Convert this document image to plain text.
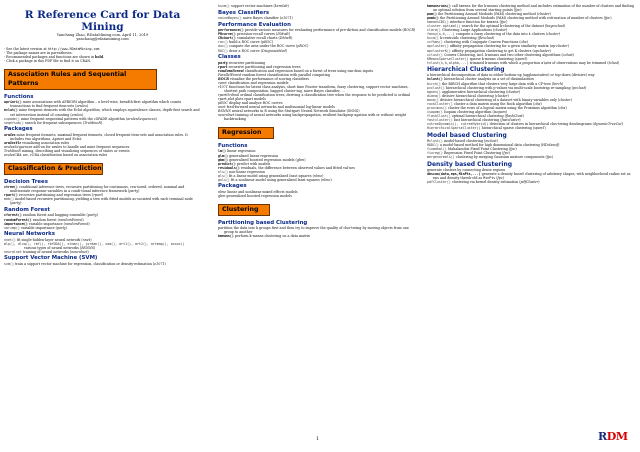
R Reference Card for Data Mining
Yanchang Zhao, RDataMining.com, April 11, 2019
yanchang@rdatamining.com
- See the latest version at http://www.RDataMining.com
- The package names are in parentheses.
- Recommended packages and functions are shown in bold.
- Click a package in this PDF file to find it on CRAN.
Association Rules and Sequential Patterns
Functions
apriori() mine associations with APRIORI algorithm – a level-wise, breadth-first algorithm which counts transactions to find frequent item-sets (arules)
eclat() mine frequent itemsets with the Eclat algorithm, which employs equivalence classes, depth-first search and set intersection instead of counting (arules)
cspade() mine frequent sequential patterns with the cSPADE algorithm (arulesSequences)
seqefsub() search for frequent subsequences (TraMineR)
Packages
arules mine frequent itemsets, maximal frequent itemsets, closed frequent item-sets and association rules. It includes two algorithms, Apriori and Eclat.
arulesViz visualizing association rules
arulesSequences add-on for arules to handle and mine frequent sequences
TraMineR mining, describing and visualizing sequences of states or events
arulesCBA arc, rCBA classification based on association rules
Classification & Prediction
Decision Trees
ctree() conditional inference trees, recursive partitioning for continuous, cen-sored, ordered, nominal and multivariate response variables in a condi-tional inference framework (party)
rpart() recursive partitioning and regression trees (rpart)
mob() model-based recursive partitioning, yielding a tree with fitted models as-sociated with each terminal node (party)
Random Forest
cforest() random forest and bagging ensemble (party)
randomForest() random forest (randomForest)
importance() variable importance (randomForest)
varimp() variable importance (party)
Neural Networks
nnet() fit single-hidden-layer neural network (nnet)
mlp(), dlvq(), rbf(), rbfDDA(), elman(), jordan(), som(), art1(), art2(), artmap(), assoc()
various types of neural networks (RSNNS)
neuralnet training of neural networks (neuralnet)
Support Vector Machine (SVM)
svm() train a support vector machine for regression, classification or density-estimation (e1071)
ksvm() support vector machines (kernlab)
Bayes Classifiers
naiveBayes() naive Bayes classifier (e1071)
Performance Evaluation
performance() provide various measures for evaluating performance of pre-diction and classification models (ROCR)
PRcurve() precision-recall curves (DMwR)
CRchart() cumulative recall charts (DMwR)
roc() build a ROC curve (pROC)
auc() compute the area under the ROC curve (pROC)
ROC() draw a ROC curve (DiagnosisMed)
Classes
party recursive partitioning
rpart recursive partitioning and regression trees
randomForest classification and regression based on a forest of trees using ran-dom inputs
ParallelForest random forest classification with parallel computing
ROCR visualize the performance of scoring classifiers
caret classification and regression models
r1071 functions for latent class analysis, short time Fourier transform, fuzzy clustering, support vector machines, shortest path computation, bagged cluster-ing, naive Bayes classifier, ...
rpartOrdinal ordinal classification trees, deriving a classification tree when the response to be predicted is ordinal
rpart.plot plots rpart models
pROC display and analyze ROC curves
nnet feed-forward neural networks and multinomial log-linear models
RSNNS neural networks in R using the Stuttgart Neural Network Simulator (SNNS)
neuralnet training of neural networks using backpropagation, resilient backprop-agation with or without weight backtracking
Regression
Functions
lm() linear regression
glm() generalized linear regression
gbm() generalized boosted regression models (gbm)
predict() predict with models
residuals() residuals, the difference between observed values and fitted val-ues
nls() non-linear regression
gls() fit a linear model using generalized least squares (nlme)
gnls() fit a nonlinear model using generalized least squares (nlme)
Packages
nlme linear and nonlinear mixed effects models
gbm generalized boosted regression models
Clustering
Partitioning based Clustering
partition the data into k groups first and then try to improve the quality of clus-tering by moving objects from one group to another
kmeans() perform k-means clustering on a data matrix
kmeansruns() call kmeans for the k-means clustering method and includes estimation of the number of clusters and finding an optimal solution from several starting points (fpc)
pam() the Partitioning Around Medoids (PAM) clustering method (cluster)
pamk() the Partitioning Around Medoids (PAM) clustering method with esti-mation of number of clusters (fpc)
kmeansCBI() interface function for kmeans (fpc)
cluster.optimal() search for the optimal k-clustering of the dataset (bayesclust)
clara() Clustering Large Applications (cluster)
fanny(x,k,...) compute a fuzzy clustering of the data into k clusters (cluster)
kcca() k-centroids clustering (flexclust)
ccfkms() clustering with Conjugate Convex Functions (cba)
apcluster() affinity propagation clustering for a given similarity matrix (ap-cluster)
apclusterK() affinity propagation clustering to get K clusters (apcluster)
cclust() Convex Clustering, incl. k-means and two other clustering algorithms (cclust)
KMeansSparseCluster() sparse k-means clustering (sparcl)
tclust(x,k,alpha,...) trimmed k-means with which a proportion alpha of observations may be trimmed (tclust)
Hierarchical Clustering
a hierarchical decomposition of data in either bottom-up (agglomerative) or top-down (divisive) way
hclust() hierarchical cluster analysis on a set of dissimilarities
birch() the BIRCH algorithm that clusters very large data with a CF-tree (birch)
pvclust() hierarchical clustering with p-values via multi-scale bootstrap re-sampling (pvclust)
agnes() agglomerative hierarchical clustering (cluster)
diana() divisive hierarchical clustering (cluster)
mona() divisive hierarchical clustering of a dataset with binary variables only (cluster)
rockCluster() cluster a data matrix using the Rock algorithm (cba)
proximus() cluster the rows of a logical matrix using the Proximus algorithm (cba)
isopam() Isopam clustering algorithm (isopam)
flashClust() optimal hierarchical clustering (flashClust)
fastcluster() fast hierarchical clustering (fastcluster)
cutreeDynamic(), cutreeHybrid() detection of clusters in hierarchical clus-tering dendrograms (dynamicTreeCut)
HierarchicalSparseCluster() hierarchical sparse clustering (sparcl)
Model based Clustering
Mclust() model-based clustering (mclust)
HDDC() a model-based method for high dimensional data clustering (HDclassif)
fixmahal() Mahalanobis Fixed Point Clustering (fpc)
fixreg() Regression Fixed Point Clustering (fpc)
mergenormals() clustering by merging Gaussian mixture components (fpc)
Density based Clustering
generate clusters by connecting dense regions
dbscan(data,eps,MinPts,...) generate a density based clustering of arbitrary shapes, with neighborhood radius set as eps and density thresh-old as MinPts (fpc)
pdfCluster() clustering via kernel density estimation (pdfCluster)
1	RDM
